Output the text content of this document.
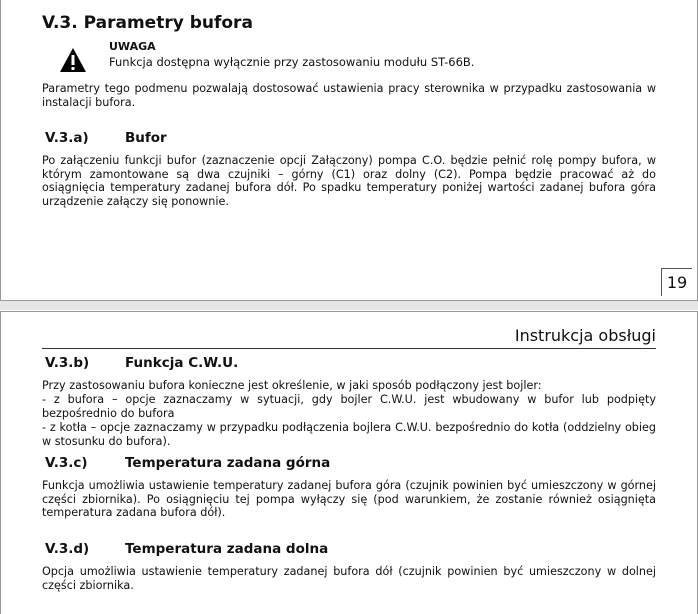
V.3. Parametry bufora
UWAGA
Funkcja dostępna wyłącznie przy zastosowaniu modułu ST-66B.

Parametry tego podmenu pozwalają dostosować ustawienia pracy sterownika w przypadku zastosowania w instalacji bufora.

V.3.a)	Bufor

Po załączeniu funkcji bufor (zaznaczenie opcji Załączony) pompa C.O. będzie pełnić rolę pompy bufora, w którym zamontowane są dwa czujniki – górny (C1) oraz dolny (C2). Pompa będzie pracować aż do osiągnięcia temperatury zadanej bufora dół. Po spadku temperatury poniżej wartości zadanej bufora góra urządzenie załączy się ponownie.

19
Instrukcja obsługi
V.3.b)	Funkcja C.W.U.

Przy zastosowaniu bufora konieczne jest określenie, w jaki sposób podłączony jest bojler:

- z bufora – opcje zaznaczamy w sytuacji, gdy bojler C.W.U. jest wbudowany w bufor lub podpięty bezpośrednio do bufora

- z kotła – opcje zaznaczamy w przypadku podłączenia bojlera C.W.U. bezpośrednio do kotła (oddzielny obieg w stosunku do bufora).

V.3.c)	Temperatura zadana górna

Funkcja umożliwia ustawienie temperatury zadanej bufora góra (czujnik powinien być umieszczony w górnej części zbiornika). Po osiągnięciu tej pompa wyłączy się (pod warunkiem, że zostanie również osiągnięta temperatura zadana bufora dół).

V.3.d)	Temperatura zadana dolna

Opcja umożliwia ustawienie temperatury zadanej bufora dół (czujnik powinien być umieszczony w dolnej części zbiornika.
